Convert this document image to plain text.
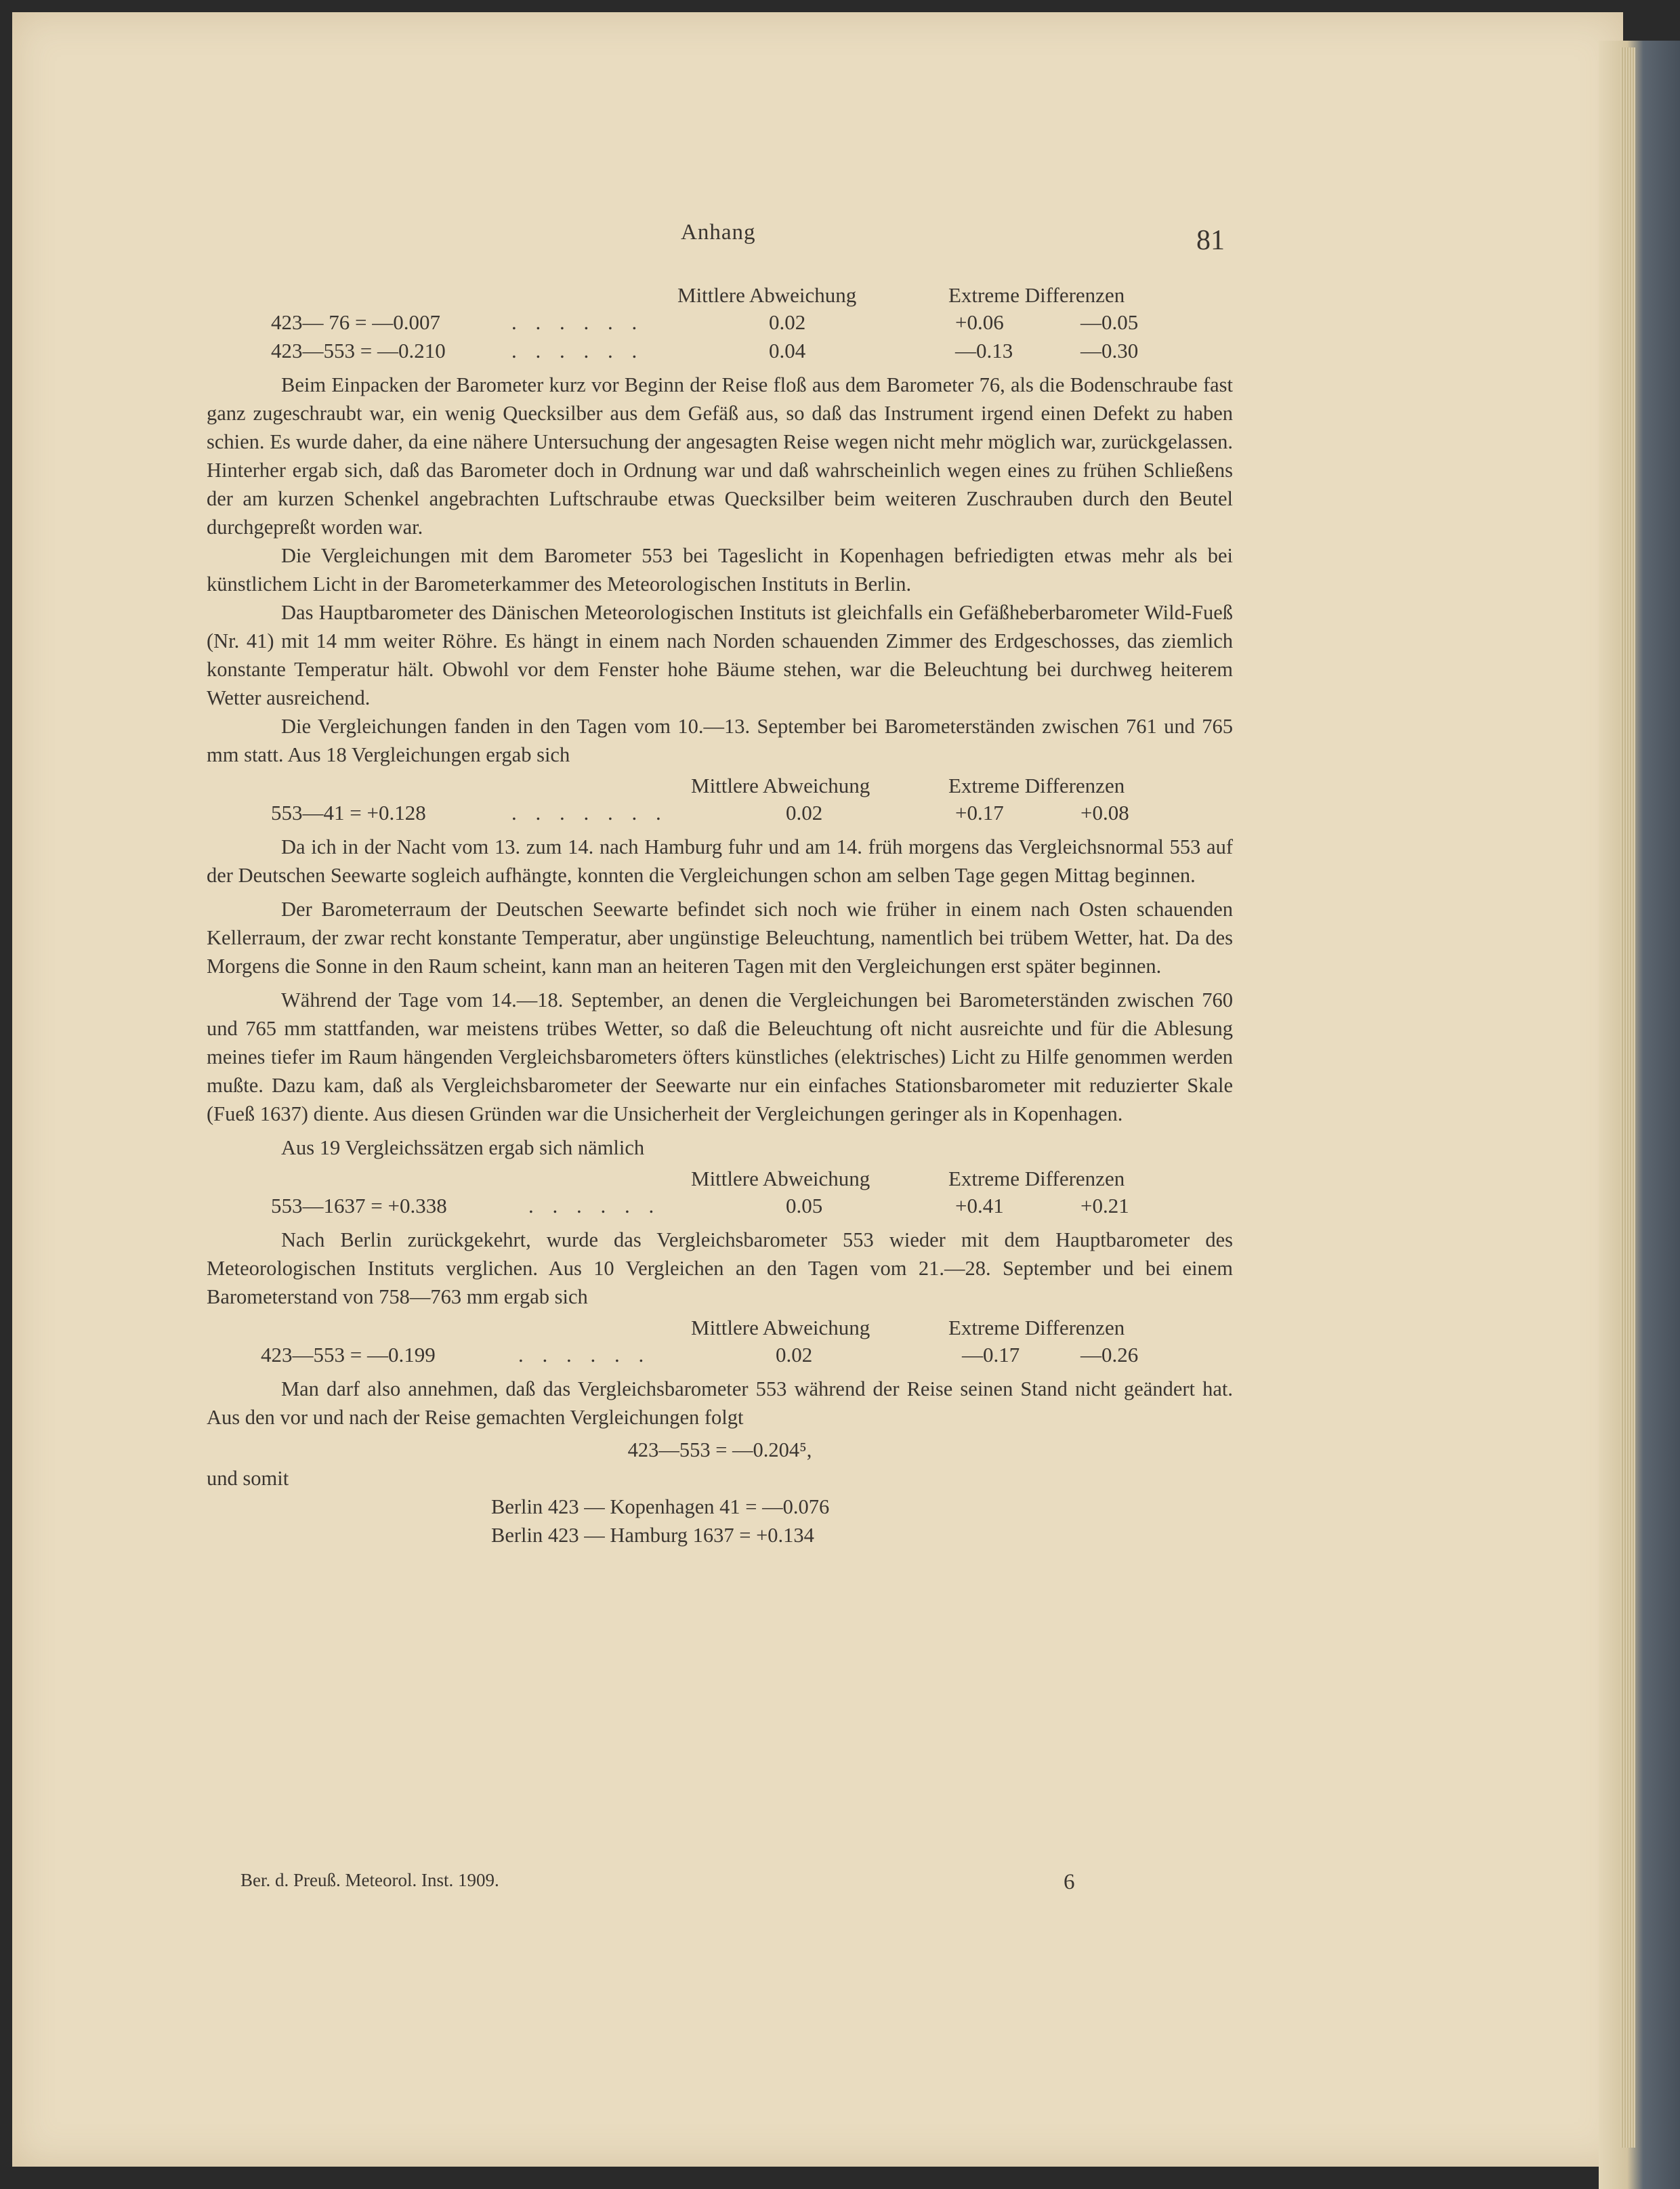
Anhang	81
Mittlere Abweichung	Extreme Differenzen
423— 76 = —0.007	. . . . . .	0.02	+0.06	—0.05
423—553 = —0.210	. . . . . .	0.04	—0.13	—0.30

Beim Einpacken der Barometer kurz vor Beginn der Reise floß aus dem Barometer 76, als die Bodenschraube fast ganz zugeschraubt war, ein wenig Quecksilber aus dem Gefäß aus, so daß das Instrument irgend einen Defekt zu haben schien. Es wurde daher, da eine nähere Untersuchung der angesagten Reise wegen nicht mehr möglich war, zurückgelassen. Hinterher ergab sich, daß das Barometer doch in Ordnung war und daß wahrscheinlich wegen eines zu frühen Schließens der am kurzen Schenkel angebrachten Luftschraube etwas Quecksilber beim weiteren Zuschrauben durch den Beutel durchgepreßt worden war.

Die Vergleichungen mit dem Barometer 553 bei Tageslicht in Kopenhagen befriedigten etwas mehr als bei künstlichem Licht in der Barometerkammer des Meteorologischen Instituts in Berlin.

Das Hauptbarometer des Dänischen Meteorologischen Instituts ist gleichfalls ein Gefäßheberbarometer Wild-Fueß (Nr. 41) mit 14 mm weiter Röhre. Es hängt in einem nach Norden schauenden Zimmer des Erdgeschosses, das ziemlich konstante Temperatur hält. Obwohl vor dem Fenster hohe Bäume stehen, war die Beleuchtung bei durchweg heiterem Wetter ausreichend.

Die Vergleichungen fanden in den Tagen vom 10.—13. September bei Barometerständen zwischen 761 und 765 mm statt. Aus 18 Vergleichungen ergab sich

Mittlere Abweichung	Extreme Differenzen
553—41 = +0.128	. . . . . . .	0.02	+0.17	+0.08

Da ich in der Nacht vom 13. zum 14. nach Hamburg fuhr und am 14. früh morgens das Vergleichsnormal 553 auf der Deutschen Seewarte sogleich aufhängte, konnten die Vergleichungen schon am selben Tage gegen Mittag beginnen.

Der Barometerraum der Deutschen Seewarte befindet sich noch wie früher in einem nach Osten schauenden Kellerraum, der zwar recht konstante Temperatur, aber ungünstige Beleuchtung, namentlich bei trübem Wetter, hat. Da des Morgens die Sonne in den Raum scheint, kann man an heiteren Tagen mit den Vergleichungen erst später beginnen.

Während der Tage vom 14.—18. September, an denen die Vergleichungen bei Barometerständen zwischen 760 und 765 mm stattfanden, war meistens trübes Wetter, so daß die Beleuchtung oft nicht ausreichte und für die Ablesung meines tiefer im Raum hängenden Vergleichsbarometers öfters künstliches (elektrisches) Licht zu Hilfe genommen werden mußte. Dazu kam, daß als Vergleichsbarometer der Seewarte nur ein einfaches Stationsbarometer mit reduzierter Skale (Fueß 1637) diente. Aus diesen Gründen war die Unsicherheit der Vergleichungen geringer als in Kopenhagen.

Aus 19 Vergleichssätzen ergab sich nämlich

Mittlere Abweichung	Extreme Differenzen
553—1637 = +0.338	. . . . . .	0.05	+0.41	+0.21

Nach Berlin zurückgekehrt, wurde das Vergleichsbarometer 553 wieder mit dem Hauptbarometer des Meteorologischen Instituts verglichen. Aus 10 Vergleichen an den Tagen vom 21.—28. September und bei einem Barometerstand von 758—763 mm ergab sich

Mittlere Abweichung	Extreme Differenzen
423—553 = —0.199	. . . . . .	0.02	—0.17	—0.26

Man darf also annehmen, daß das Vergleichsbarometer 553 während der Reise seinen Stand nicht geändert hat. Aus den vor und nach der Reise gemachten Vergleichungen folgt

423—553 = —0.204⁵,

und somit

Berlin 423 — Kopenhagen 41 = —0.076

Berlin 423 — Hamburg 1637 = +0.134

Ber. d. Preuß. Meteorol. Inst. 1909.	6
